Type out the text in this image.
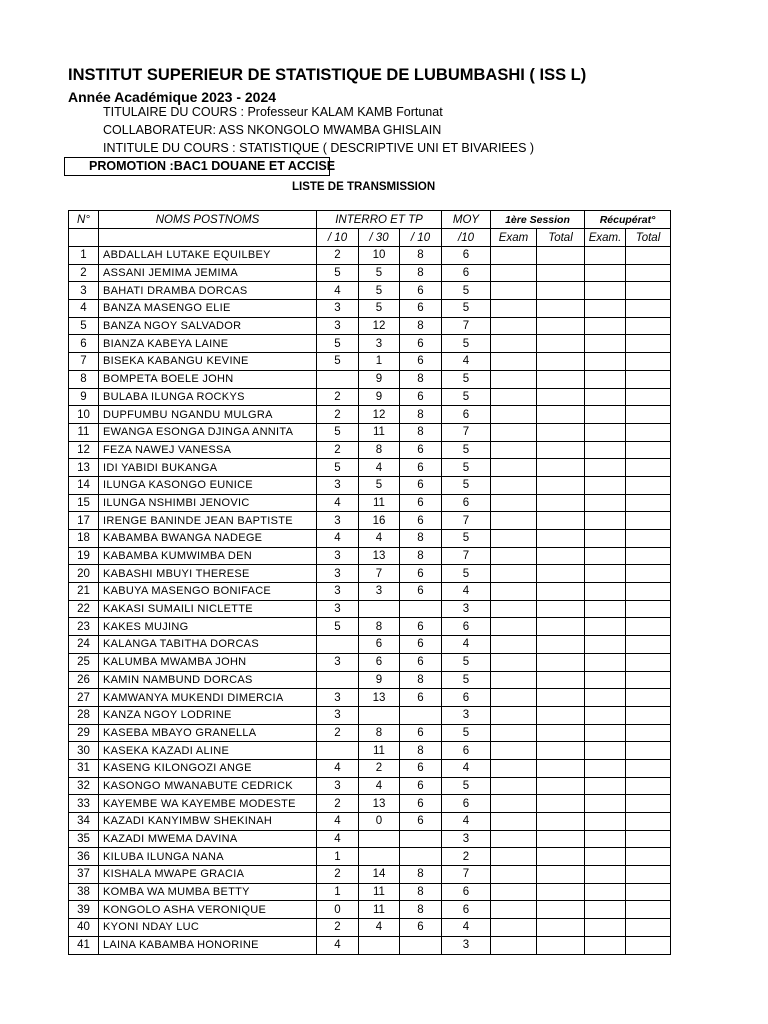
INSTITUT SUPERIEUR DE STATISTIQUE DE LUBUMBASHI ( ISS L)
Année Académique 2023 - 2024
TITULAIRE DU COURS : Professeur KALAM KAMB Fortunat
COLLABORATEUR: ASS NKONGOLO MWAMBA GHISLAIN
INTITULE DU COURS : STATISTIQUE ( DESCRIPTIVE UNI ET BIVARIEES )
PROMOTION :BAC1 DOUANE ET ACCISE
LISTE DE TRANSMISSION
N°	NOMS POSTNOMS	INTERRO ET TP			MOY	1ère Session		Récupérat°	
		/ 10	/ 30	/ 10	/10	Exam	Total	Exam.	Total
1	ABDALLAH LUTAKE EQUILBEY	2	10	8	6				
2	ASSANI JEMIMA JEMIMA	5	5	8	6				
3	BAHATI DRAMBA DORCAS	4	5	6	5				
4	BANZA MASENGO ELIE	3	5	6	5				
5	BANZA NGOY SALVADOR	3	12	8	7				
6	BIANZA KABEYA LAINE	5	3	6	5				
7	BISEKA KABANGU KEVINE	5	1	6	4				
8	BOMPETA BOELE JOHN		9	8	5				
9	BULABA ILUNGA ROCKYS	2	9	6	5				
10	DUPFUMBU NGANDU MULGRA	2	12	8	6				
11	EWANGA ESONGA DJINGA ANNITA	5	11	8	7				
12	FEZA NAWEJ VANESSA	2	8	6	5				
13	IDI YABIDI BUKANGA	5	4	6	5				
14	ILUNGA KASONGO EUNICE	3	5	6	5				
15	ILUNGA NSHIMBI JENOVIC	4	11	6	6				
17	IRENGE BANINDE JEAN BAPTISTE	3	16	6	7				
18	KABAMBA BWANGA NADEGE	4	4	8	5				
19	KABAMBA KUMWIMBA DEN	3	13	8	7				
20	KABASHI MBUYI THERESE	3	7	6	5				
21	KABUYA MASENGO BONIFACE	3	3	6	4				
22	KAKASI SUMAILI NICLETTE	3			3				
23	KAKES MUJING	5	8	6	6				
24	KALANGA TABITHA DORCAS		6	6	4				
25	KALUMBA MWAMBA JOHN	3	6	6	5				
26	KAMIN NAMBUND DORCAS		9	8	5				
27	KAMWANYA MUKENDI DIMERCIA	3	13	6	6				
28	KANZA NGOY LODRINE	3			3				
29	KASEBA MBAYO GRANELLA	2	8	6	5				
30	KASEKA KAZADI ALINE		11	8	6				
31	KASENG KILONGOZI ANGE	4	2	6	4				
32	KASONGO MWANABUTE CEDRICK	3	4	6	5				
33	KAYEMBE WA KAYEMBE MODESTE	2	13	6	6				
34	KAZADI KANYIMBW SHEKINAH	4	0	6	4				
35	KAZADI MWEMA DAVINA	4			3				
36	KILUBA ILUNGA NANA	1			2				
37	KISHALA MWAPE GRACIA	2	14	8	7				
38	KOMBA WA MUMBA BETTY	1	11	8	6				
39	KONGOLO ASHA VERONIQUE	0	11	8	6				
40	KYONI NDAY LUC	2	4	6	4				
41	LAINA KABAMBA HONORINE	4			3				
